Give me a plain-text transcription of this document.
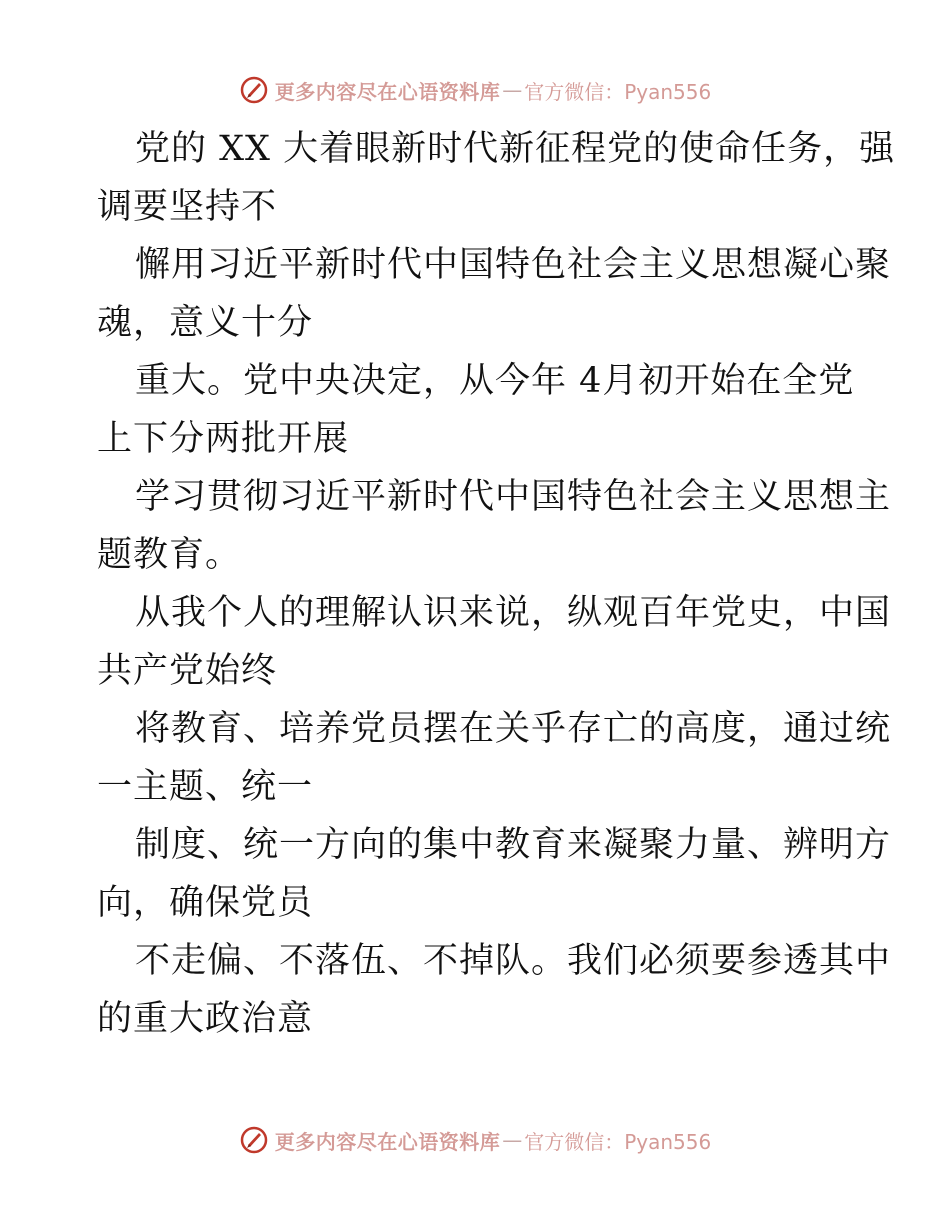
更多内容尽在心语资料库 — 官方微信：Pyan556

党的 XX 大着眼新时代新征程党的使命任务，强
调要坚持不

懈用习近平新时代中国特色社会主义思想凝心聚
魂，意义十分

重大。党中央决定，从今年 4月初开始在全党
上下分两批开展

学习贯彻习近平新时代中国特色社会主义思想主
题教育。

从我个人的理解认识来说，纵观百年党史，中国
共产党始终

将教育、培养党员摆在关乎存亡的高度，通过统
一主题、统一

制度、统一方向的集中教育来凝聚力量、辨明方
向，确保党员

不走偏、不落伍、不掉队。我们必须要参透其中
的重大政治意

更多内容尽在心语资料库 — 官方微信：Pyan556
